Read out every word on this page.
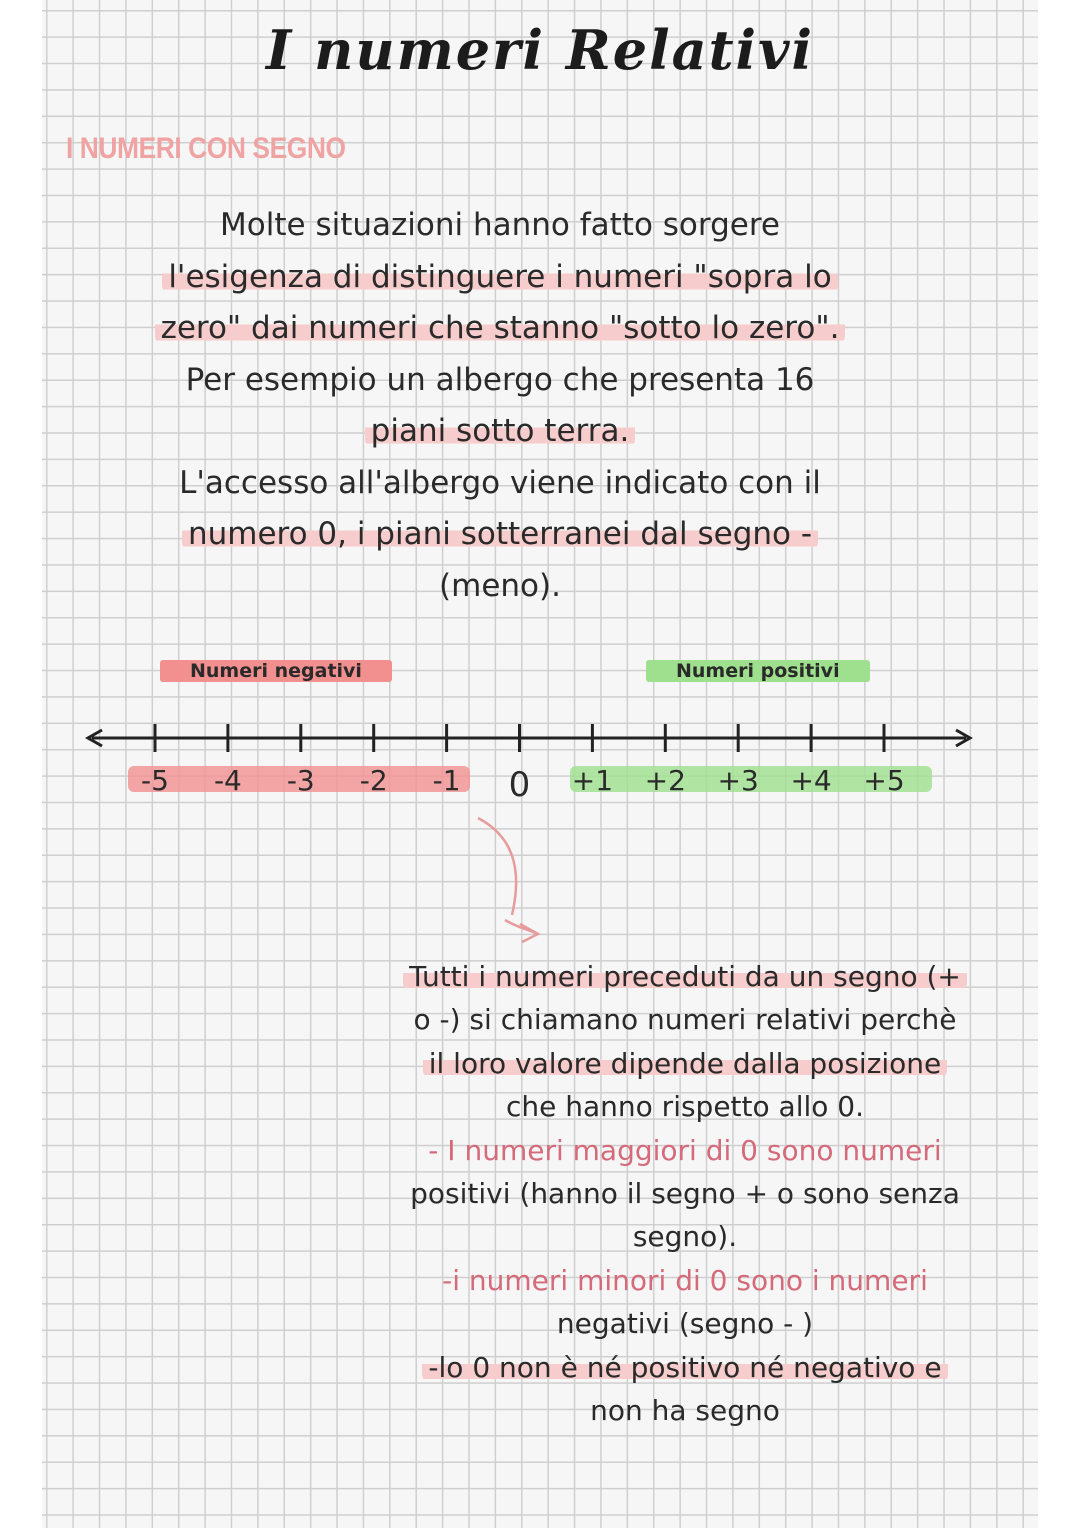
I numeri Relativi
I NUMERI CON SEGNO
Molte situazioni hanno fatto sorgere
l'esigenza di distinguere i numeri "sopra lo
zero" dai numeri che stanno "sotto lo zero".
Per esempio un albergo che presenta 16
piani sotto terra.
L'accesso all'albergo viene indicato con il
numero 0, i piani sotterranei dal segno -
(meno).
Numeri negativi	Numeri positivi
-5 -4 -3 -2 -1 0 +1 +2 +3 +4 +5
Tutti i numeri preceduti da un segno (+
o -) si chiamano numeri relativi perchè
il loro valore dipende dalla posizione
che hanno rispetto allo 0.
- I numeri maggiori di 0 sono numeri
positivi (hanno il segno + o sono senza
segno).
-i numeri minori di 0 sono i numeri
negativi (segno - )
-lo 0 non è né positivo né negativo e
non ha segno
